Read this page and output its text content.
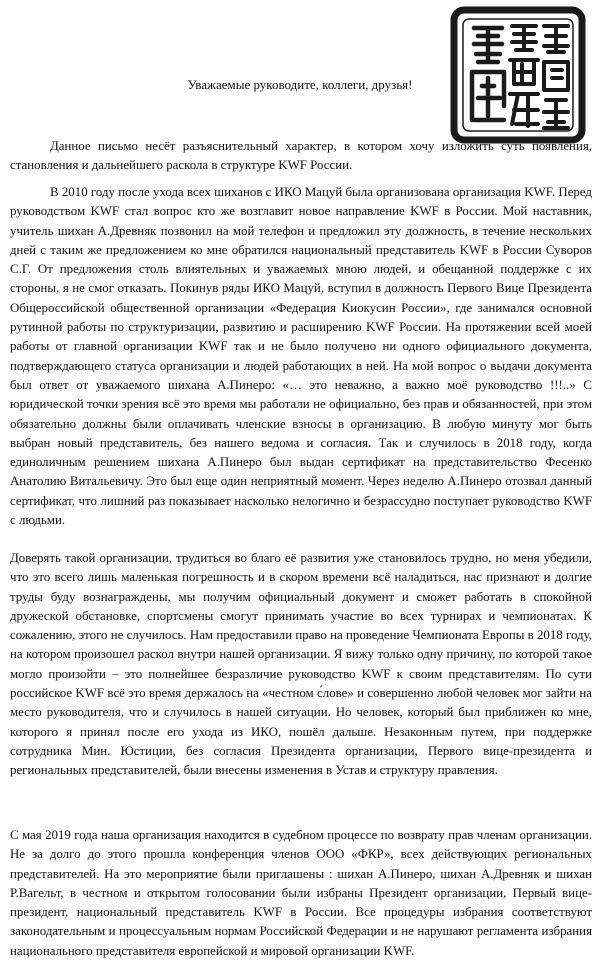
Уважаемые руководите, коллеги, друзья!

Данное письмо несёт разъяснительный характер, в котором хочу изложить суть появления, становления и дальнейшего раскола в структуре KWF России.

В 2010 году после ухода всех шиханов с ИКО Мацуй была организована организация KWF. Перед руководством KWF стал вопрос кто же возглавит новое направление KWF в России. Мой наставник, учитель шихан А.Древняк позвонил на мой телефон и предложил эту должность, в течение нескольких дней с таким же предложением ко мне обратился национальный представитель KWF в России Суворов С.Г. От предложения столь влиятельных и уважаемых мною людей, и обещанной поддержке с их стороны, я не смог отказать. Покинув ряды ИКО Мацуй, вступил в должность Первого Вице Президента Общероссийской общественной организации «Федерация Киокусин России», где занимался основной рутинной работы по структуризации, развитию и расширению KWF России. На протяжении всей моей работы от главной организации KWF так и не было получено ни одного официального документа, подтверждающего статуса организации и людей работающих в ней. На мой вопрос о выдачи документа был ответ от уважаемого шихана А.Пинеро: «… это неважно, а важно моё руководство !!!..» С юридической точки зрения всё это время мы работали не официально, без прав и обязанностей, при этом обязательно должны были оплачивать членские взносы в организацию. В любую минуту мог быть выбран новый представитель, без нашего ведома и согласия. Так и случилось в 2018 году, когда единоличным решением шихана А.Пинеро был выдан сертификат на представительство Фесенко Анатолию Витальевичу. Это был еще один неприятный момент. Через неделю А.Пинеро отозвал данный сертификат, что лишний раз показывает насколько нелогично и безрассудно поступает руководство KWF с людьми.

Доверять такой организации, трудиться во благо её развития уже становилось трудно, но меня убедили, что это всего лишь маленькая погрешность и в скором времени всё наладиться, нас признают и долгие труды буду вознаграждены, мы получим официальный документ и сможет работать в спокойной дружеской обстановке, спортсмены смогут принимать участие во всех турнирах и чемпионатах. К сожалению, этого не случилось. Нам предоставили право на проведение Чемпионата Европы в 2018 году, на котором произошел раскол внутри нашей организации. Я вижу только одну причину, по которой такое могло произойти – это полнейшее безразличие руководство KWF к своим представителям. По сути российское KWF всё это время держалось на «честном с́лове» и совершенно любой человек мог зайти на место руководителя, что и случилось в нашей ситуации. Но человек, который был приближен ко мне, которого я принял после его ухода из ИКО, пошёл дальше. Незаконным путем, при поддержке сотрудника Мин. Юстиции, без согласия Президента организации, Первого вице-президента и региональных представителей, были внесены изменения в Устав и структуру правления.

С мая 2019 года наша организация находится в судебном процессе по возврату прав членам организации. Не за долго до этого прошла конференция членов ООО «ФКР», всех действующих региональных представителей. На это мероприятие были приглашены : шихан А.Пинеро, шихан А.Древняк и шихан Р.Вагельт, в честном и открытом голосовании были избраны Президент организации, Первый вице-президент, национальный представитель KWF в России. Все процедуры избрания соответствуют законодательным и процессуальным нормам Российской Федерации и не нарушают регламента избрания национального представителя европейской и мировой организации KWF.
